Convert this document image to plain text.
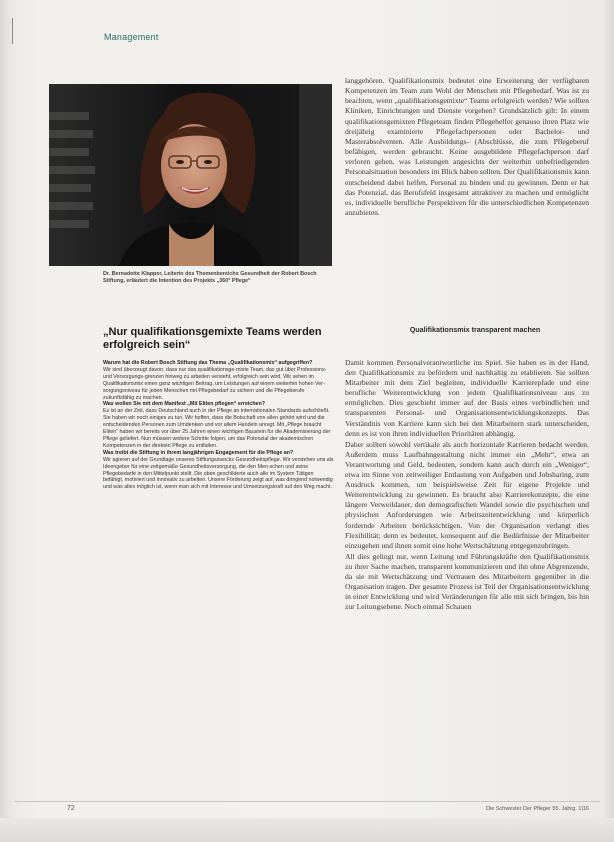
Management
Dr. Bernadette Klapper, Leiterin des Themenbereichs Gesundheit der Robert Bosch Stiftung, erläutert die Intention des Projekts „360° Pflege“
„Nur qualifikationsgemixte Teams werden erfolgreich sein“

Warum hat die Robert Bosch Stiftung das Thema „Qualifikationsmix“ aufgegriffen?

Wir sind überzeugt davon, dass nur das qualifikationsge-mixte Team, das gut über Professions- und Versorgungs-grenzen hinweg zu arbeiten versteht, erfolgreich sein wird. Wir sehen im Qualifikationsmix einen ganz wichtigen Beitrag, um Leistungen auf einem weiterhin hohen Ver-sorgungsniveau für jeden Menschen mit Pflegebedarf zu sichern und die Pflegeberufe zukunftsfähig zu machen.

Was wollen Sie mit dem Manifest „Mit Eliten pflegen“ erreichen?

Es ist an der Zeit, dass Deutschland auch in der Pflege an internationalen Standards aufschließt. Sie haben wir noch einiges zu tun. Wir hoffen, dass die Botschaft von allen gehört wird und die entscheidenden Personen zum Umdenken und vor allem Handeln anregt. Mit „Pflege braucht Eliten“ haben wir bereits vor über 25 Jahren einen wichtigen Baustein für die Akademisierung der Pflege geliefert. Nun müssen weitere Schritte folgen, um das Potenzial der akademischen Kompetenzen in der direkten Pflege zu entfalten.

Was treibt die Stiftung in ihrem langjährigen Engagement für die Pflege an?

Wir agieren auf der Grundlage unseres Stiftungszwecks Gesundheitspflege. Wir verstehen uns als Ideengeber für eine zeitgemäße Gesundheitsversorgung, die den Men-schen und seine Pflegebedarfe in den Mittelpunkt stellt. Die oben geschilderte auch alle im System Tätigen befähigt, motiviert und innovativ zu arbeiten. Unsere Förderung zeigt auf, was dringend notwendig und was alles möglich ist, wenn man sich mit Interesse und Umsetzungskraft auf den Weg macht.

langgehören. Qualifikationsmix bedeutet eine Erweiterung der verfügbaren Kompetenzen im Team zum Wohl der Menschen mit Pflegebedarf. Was ist zu beachten, wenn „qualifikationsgemixte“ Teams erfolgreich werden? Wie sollten Kliniken, Einrichtungen und Dienste vorgehen? Grundsätzlich gilt: In einem qualifikationsgemixten Pflegeteam finden Pflegehelfer genauso ihren Platz wie dreijährig examinierte Pflegefachpersonen oder Bachelor- und Masterabsolventen. Alle Ausbildungs- (Abschlüsse, die zum Pflegeberuf befähigen, werden gebraucht. Keine ausgebildete Pflegefachperson darf verloren gehen, was Leistungen angesichts der weiterhin unbefriedigenden Personalsituation besonders im Blick haben sollten. Der Qualifikationsmix kann entscheidend dabei helfen, Personal zu binden und zu gewinnen. Denn er hat das Potenzial, das Berufsfeld insgesamt attraktiver zu machen und ermöglicht es, individuelle berufliche Perspektiven für die unterschiedlichen Kompetenzen anzubieten.

Qualifikationsmix transparent machen

Damit kommen Personalverantwortliche ins Spiel. Sie haben es in der Hand, den Qualifikationsmix zu befördern und nachhaltig zu etablieren. Sie sollten Mitarbeiter mit dem Ziel begleiten, individuelle Karrierepfade und eine berufliche Weiterentwicklung von jedem Qualifikationsniveau aus zu ermöglichen. Dies geschieht immer auf der Basis eines verbindlichen und transparenten Personal- und Organisationsentwicklungskonzepts. Das Verständnis von Karriere kann sich bei den Mitarbeitern stark unterscheiden, denn es ist von ihren individuellen Prioritäten abhängig.

Daher sollten sowohl vertikale als auch horizontale Karrieren bedacht werden. Außerdem muss Laufbahngestaltung nicht immer ein „Mehr“, etwa an Verantwortung und Geld, bedeuten, sondern kann auch durch ein „Weniger“, etwa im Sinne von zeitweiliger Entlastung von Aufgaben und Jobsharing, zum Ausdruck kommen, um beispielsweise Zeit für eigene Projekte und Weiterentwicklung zu gewinnen. Es braucht also Karrierekonzepte, die eine längere Verweildauer, den demografischen Wandel sowie die psychischen und physischen Anforderungen wie Arbeitszeitentwicklung und körperlich fordernde Arbeiten berücksichtigen. Von der Organisation verlangt dies Flexibilität; denn es bedeutet, konsequent auf die Bedürfnisse der Mitarbeiter einzugehen und ihnen somit eine hohe Wertschätzung entgegenzubringen.

All dies gelingt nur, wenn Leitung und Führungskräfte den Qualifikationsmix zu ihrer Sache machen, transparent kommunizieren und ihn ohne Abgrenzende, da sie mit Wertschätzung und Vertrauen des Mitarbeitern gegenüber in die Organisation tragen. Der gesamte Prozess ist Teil der Organisationsentwicklung in einer Entwicklung und wird Veränderungen für alle mit sich bringen, bis hin zur Leitungsebene. Noch einmal Schauen

72	Die Schwester Der Pfleger 55. Jahrg. 1|16
